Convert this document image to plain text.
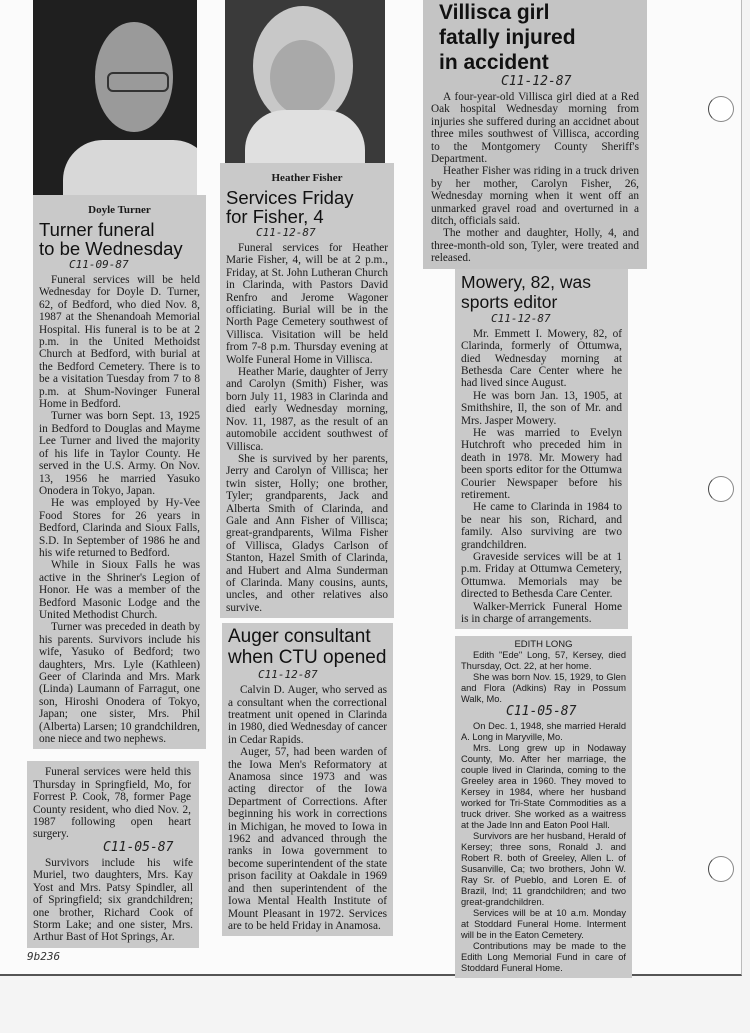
Doyle Turner
Turner funeral
to be Wednesday
C11-09-87

Funeral services will be held Wednesday for Doyle D. Turner, 62, of Bedford, who died Nov. 8, 1987 at the Shenandoah Memorial Hospital. His funeral is to be at 2 p.m. in the United Methoidst Church at Bedford, with burial at the Bedford Cemetery. There is to be a visitation Tuesday from 7 to 8 p.m. at Shum-Novinger Funeral Home in Bedford.

Turner was born Sept. 13, 1925 in Bedford to Douglas and Mayme Lee Turner and lived the majority of his life in Taylor County. He served in the U.S. Army. On Nov. 13, 1956 he married Yasuko Onodera in Tokyo, Japan.

He was employed by Hy-Vee Food Stores for 26 years in Bedford, Clarinda and Sioux Falls, S.D. In September of 1986 he and his wife returned to Bedford.

While in Sioux Falls he was active in the Shriner's Legion of Honor. He was a member of the Bedford Masonic Lodge and the United Methodist Church.

Turner was preceded in death by his parents. Survivors include his wife, Yasuko of Bedford; two daughters, Mrs. Lyle (Kathleen) Geer of Clarinda and Mrs. Mark (Linda) Laumann of Farragut, one son, Hiroshi Onodera of Tokyo, Japan; one sister, Mrs. Phil (Alberta) Larsen; 10 grandchildren, one niece and two nephews.

Funeral services were held this Thursday in Springfield, Mo, for Forrest P. Cook, 78, former Page County resident, who died Nov. 2, 1987 following open heart surgery.

C11-05-87

Survivors include his wife Muriel, two daughters, Mrs. Kay Yost and Mrs. Patsy Spindler, all of Springfield; six grandchildren; one brother, Richard Cook of Storm Lake; and one sister, Mrs. Arthur Bast of Hot Springs, Ar.

9b236
Heather Fisher
Services Friday
for Fisher, 4
C11-12-87

Funeral services for Heather Marie Fisher, 4, will be at 2 p.m., Friday, at St. John Lutheran Church in Clarinda, with Pastors David Renfro and Jerome Wagoner officiating. Burial will be in the North Page Cemetery southwest of Villisca. Visitation will be held from 7-8 p.m. Thursday evening at Wolfe Funeral Home in Villisca.

Heather Marie, daughter of Jerry and Carolyn (Smith) Fisher, was born July 11, 1983 in Clarinda and died early Wednesday morning, Nov. 11, 1987, as the result of an automobile accident southwest of Villisca.

She is survived by her parents, Jerry and Carolyn of Villisca; her twin sister, Holly; one brother, Tyler; grandparents, Jack and Alberta Smith of Clarinda, and Gale and Ann Fisher of Villisca; great-grandparents, Wilma Fisher of Villisca, Gladys Carlson of Stanton, Hazel Smith of Clarinda, and Hubert and Alma Sunderman of Clarinda. Many cousins, aunts, uncles, and other relatives also survive.

Auger consultant
when CTU opened
C11-12-87

Calvin D. Auger, who served as a consultant when the correctional treatment unit opened in Clarinda in 1980, died Wednesday of cancer in Cedar Rapids.

Auger, 57, had been warden of the Iowa Men's Reformatory at Anamosa since 1973 and was acting director of the Iowa Department of Corrections. After beginning his work in corrections in Michigan, he moved to Iowa in 1962 and advanced through the ranks in Iowa government to become superintendent of the state prison facility at Oakdale in 1969 and then superintendent of the Iowa Mental Health Institute of Mount Pleasant in 1972. Services are to be held Friday in Anamosa.

Villisca girl
fatally injured
in accident
C11-12-87

A four-year-old Villisca girl died at a Red Oak hospital Wednesday morning from injuries she suffered during an accidnet about three miles southwest of Villisca, according to the Montgomery County Sheriff's Department.

Heather Fisher was riding in a truck driven by her mother, Carolyn Fisher, 26, Wednesday morning when it went off an unmarked gravel road and overturned in a ditch, officials said.

The mother and daughter, Holly, 4, and three-month-old son, Tyler, were treated and released.

Mowery, 82, was
sports editor
C11-12-87

Mr. Emmett I. Mowery, 82, of Clarinda, formerly of Ottumwa, died Wednesday morning at Bethesda Care Center where he had lived since August.

He was born Jan. 13, 1905, at Smithshire, Il, the son of Mr. and Mrs. Jasper Mowery.

He was married to Evelyn Hutchroft who preceded him in death in 1978. Mr. Mowery had been sports editor for the Ottumwa Courier Newspaper before his retirement.

He came to Clarinda in 1984 to be near his son, Richard, and family. Also surviving are two grandchildren.

Graveside services will be at 1 p.m. Friday at Ottumwa Cemetery, Ottumwa. Memorials may be directed to Bethesda Care Center.

Walker-Merrick Funeral Home is in charge of arrangements.

EDITH LONG

Edith "Ede" Long, 57, Kersey, died Thursday, Oct. 22, at her home.

She was born Nov. 15, 1929, to Glen and Flora (Adkins) Ray in Possum Walk, Mo.

C11-05-87

On Dec. 1, 1948, she married Herald A. Long in Maryville, Mo.

Mrs. Long grew up in Nodaway County, Mo. After her marriage, the couple lived in Clarinda, coming to the Greeley area in 1960. They moved to Kersey in 1984, where her husband worked for Tri-State Commodities as a truck driver. She worked as a waitress at the Jade Inn and Eaton Pool Hall.

Survivors are her husband, Herald of Kersey; three sons, Ronald J. and Robert R. both of Greeley, Allen L. of Susanville, Ca; two brothers, John W. Ray Sr. of Pueblo, and Loren E. of Brazil, Ind; 11 grandchildren; and two great-grandchildren.

Services will be at 10 a.m. Monday at Stoddard Funeral Home. Interment will be in the Eaton Cemetery.

Contributions may be made to the Edith Long Memorial Fund in care of Stoddard Funeral Home.
